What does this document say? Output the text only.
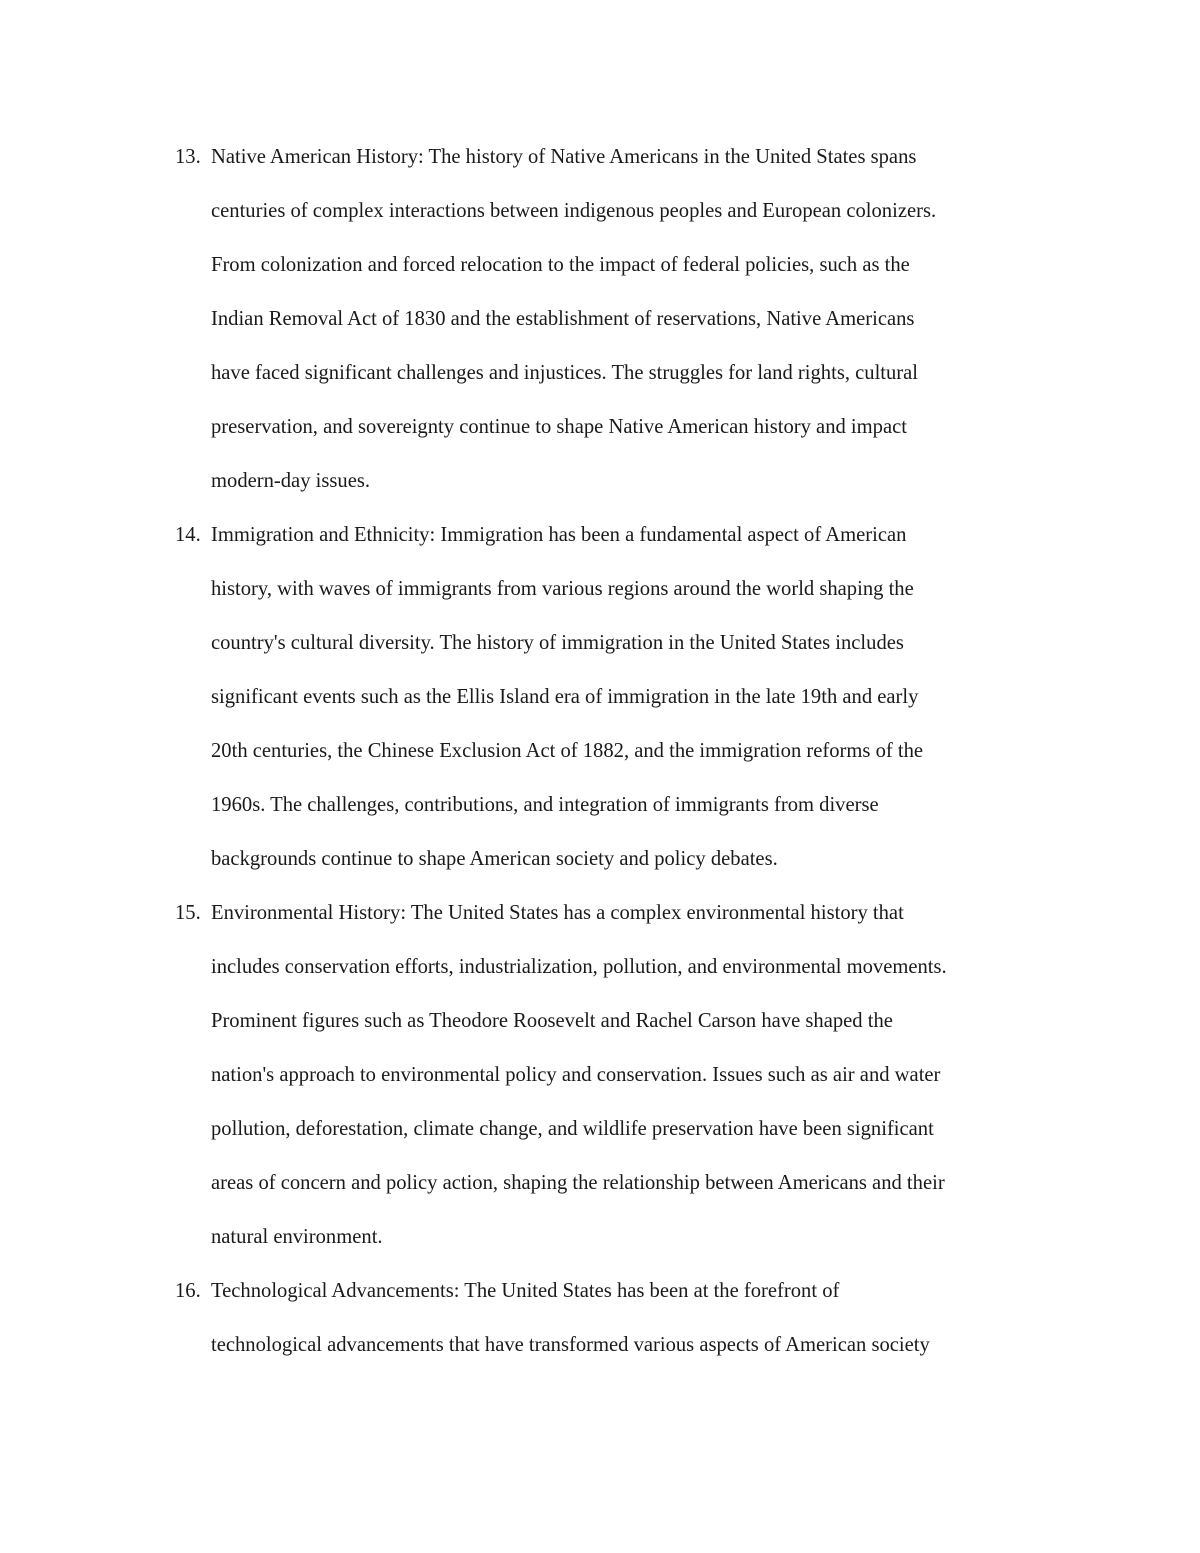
13. Native American History: The history of Native Americans in the United States spans
centuries of complex interactions between indigenous peoples and European colonizers.
From colonization and forced relocation to the impact of federal policies, such as the
Indian Removal Act of 1830 and the establishment of reservations, Native Americans
have faced significant challenges and injustices. The struggles for land rights, cultural
preservation, and sovereignty continue to shape Native American history and impact
modern-day issues.
14. Immigration and Ethnicity: Immigration has been a fundamental aspect of American
history, with waves of immigrants from various regions around the world shaping the
country's cultural diversity. The history of immigration in the United States includes
significant events such as the Ellis Island era of immigration in the late 19th and early
20th centuries, the Chinese Exclusion Act of 1882, and the immigration reforms of the
1960s. The challenges, contributions, and integration of immigrants from diverse
backgrounds continue to shape American society and policy debates.
15. Environmental History: The United States has a complex environmental history that
includes conservation efforts, industrialization, pollution, and environmental movements.
Prominent figures such as Theodore Roosevelt and Rachel Carson have shaped the
nation's approach to environmental policy and conservation. Issues such as air and water
pollution, deforestation, climate change, and wildlife preservation have been significant
areas of concern and policy action, shaping the relationship between Americans and their
natural environment.
16. Technological Advancements: The United States has been at the forefront of
technological advancements that have transformed various aspects of American society
